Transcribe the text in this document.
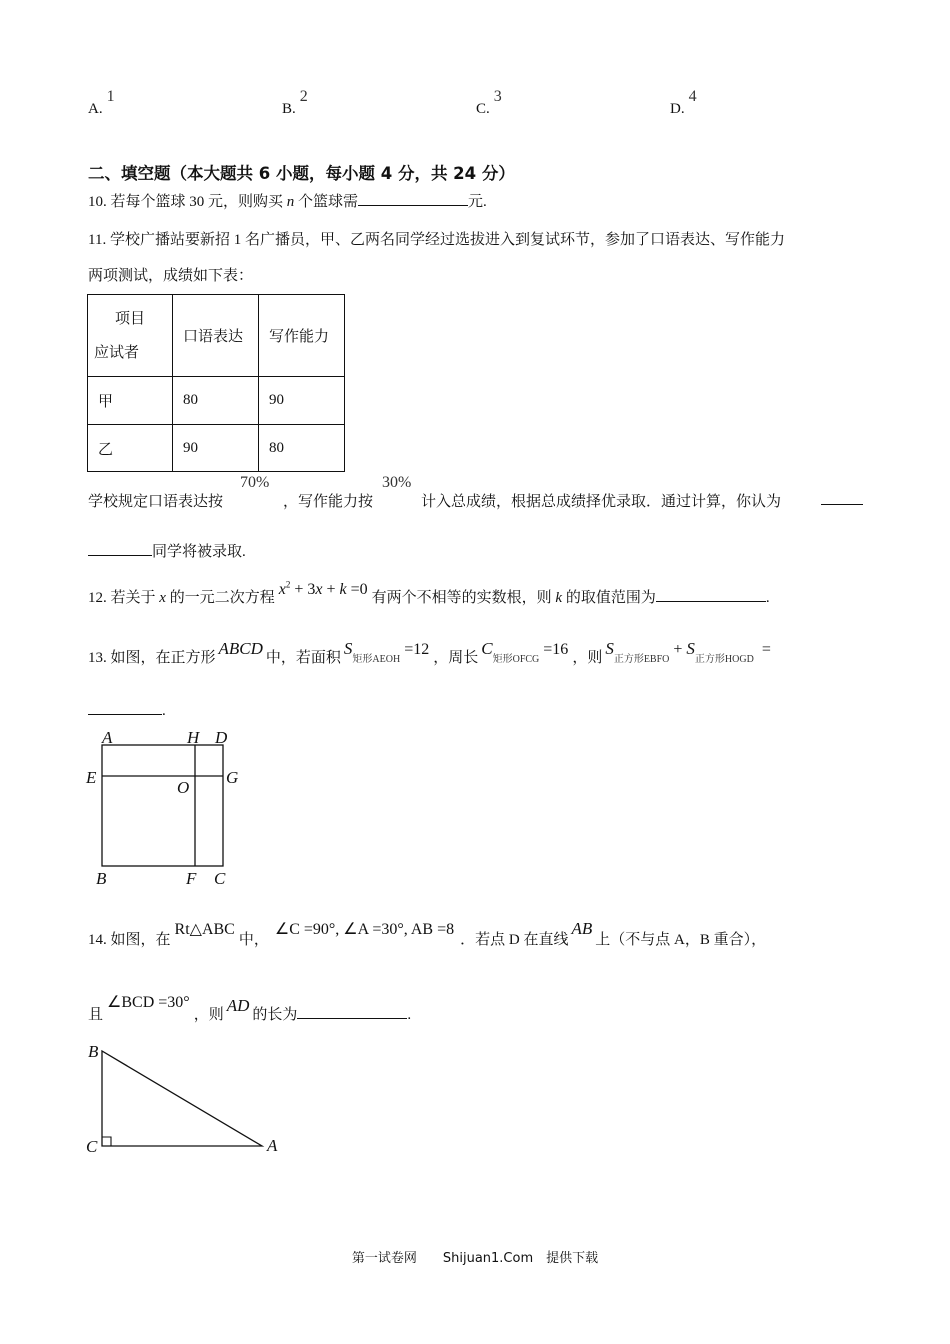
A.1
B.2
C.3
D.4
二、填空题（本大题共 6 小题，每小题 4 分，共 24 分）
10. 若每个篮球 30 元，则购买 n 个篮球需	元.
11. 学校广播站要新招 1 名广播员，甲、乙两名同学经过选拔进入到复试环节，参加了口语表达、写作能力
两项测试，成绩如下表：
项目
应试者	口语表达	写作能力
甲	80	90
乙	90	80
学校规定口语表达按
70%
，写作能力按
30%
计入总成绩，根据总成绩择优录取．通过计算，你认为
同学将被录取.
12. 若关于 x 的一元二次方程 $x^2 + 3x + k =0$ 有两个不相等的实数根，则 k 的取值范围为	.
13. 如图，在正方形 ABCD 中，若面积 S矩形AEOH=12 ，周长 C矩形OFCG=16 ，则 S正方形EBFO+ S正方形HOGD=
.
A	H D
E
O
G
B	F C
14. 如图，在Rt△ABC中，∠C =90°, ∠A =30°, AB =8．若点 D 在直线AB上（不与点 A，B 重合），
且∠BCD =30°，则 AD 的长为	.
B
C	A
第一试卷网　　Shijuan1.Com　提供下载
